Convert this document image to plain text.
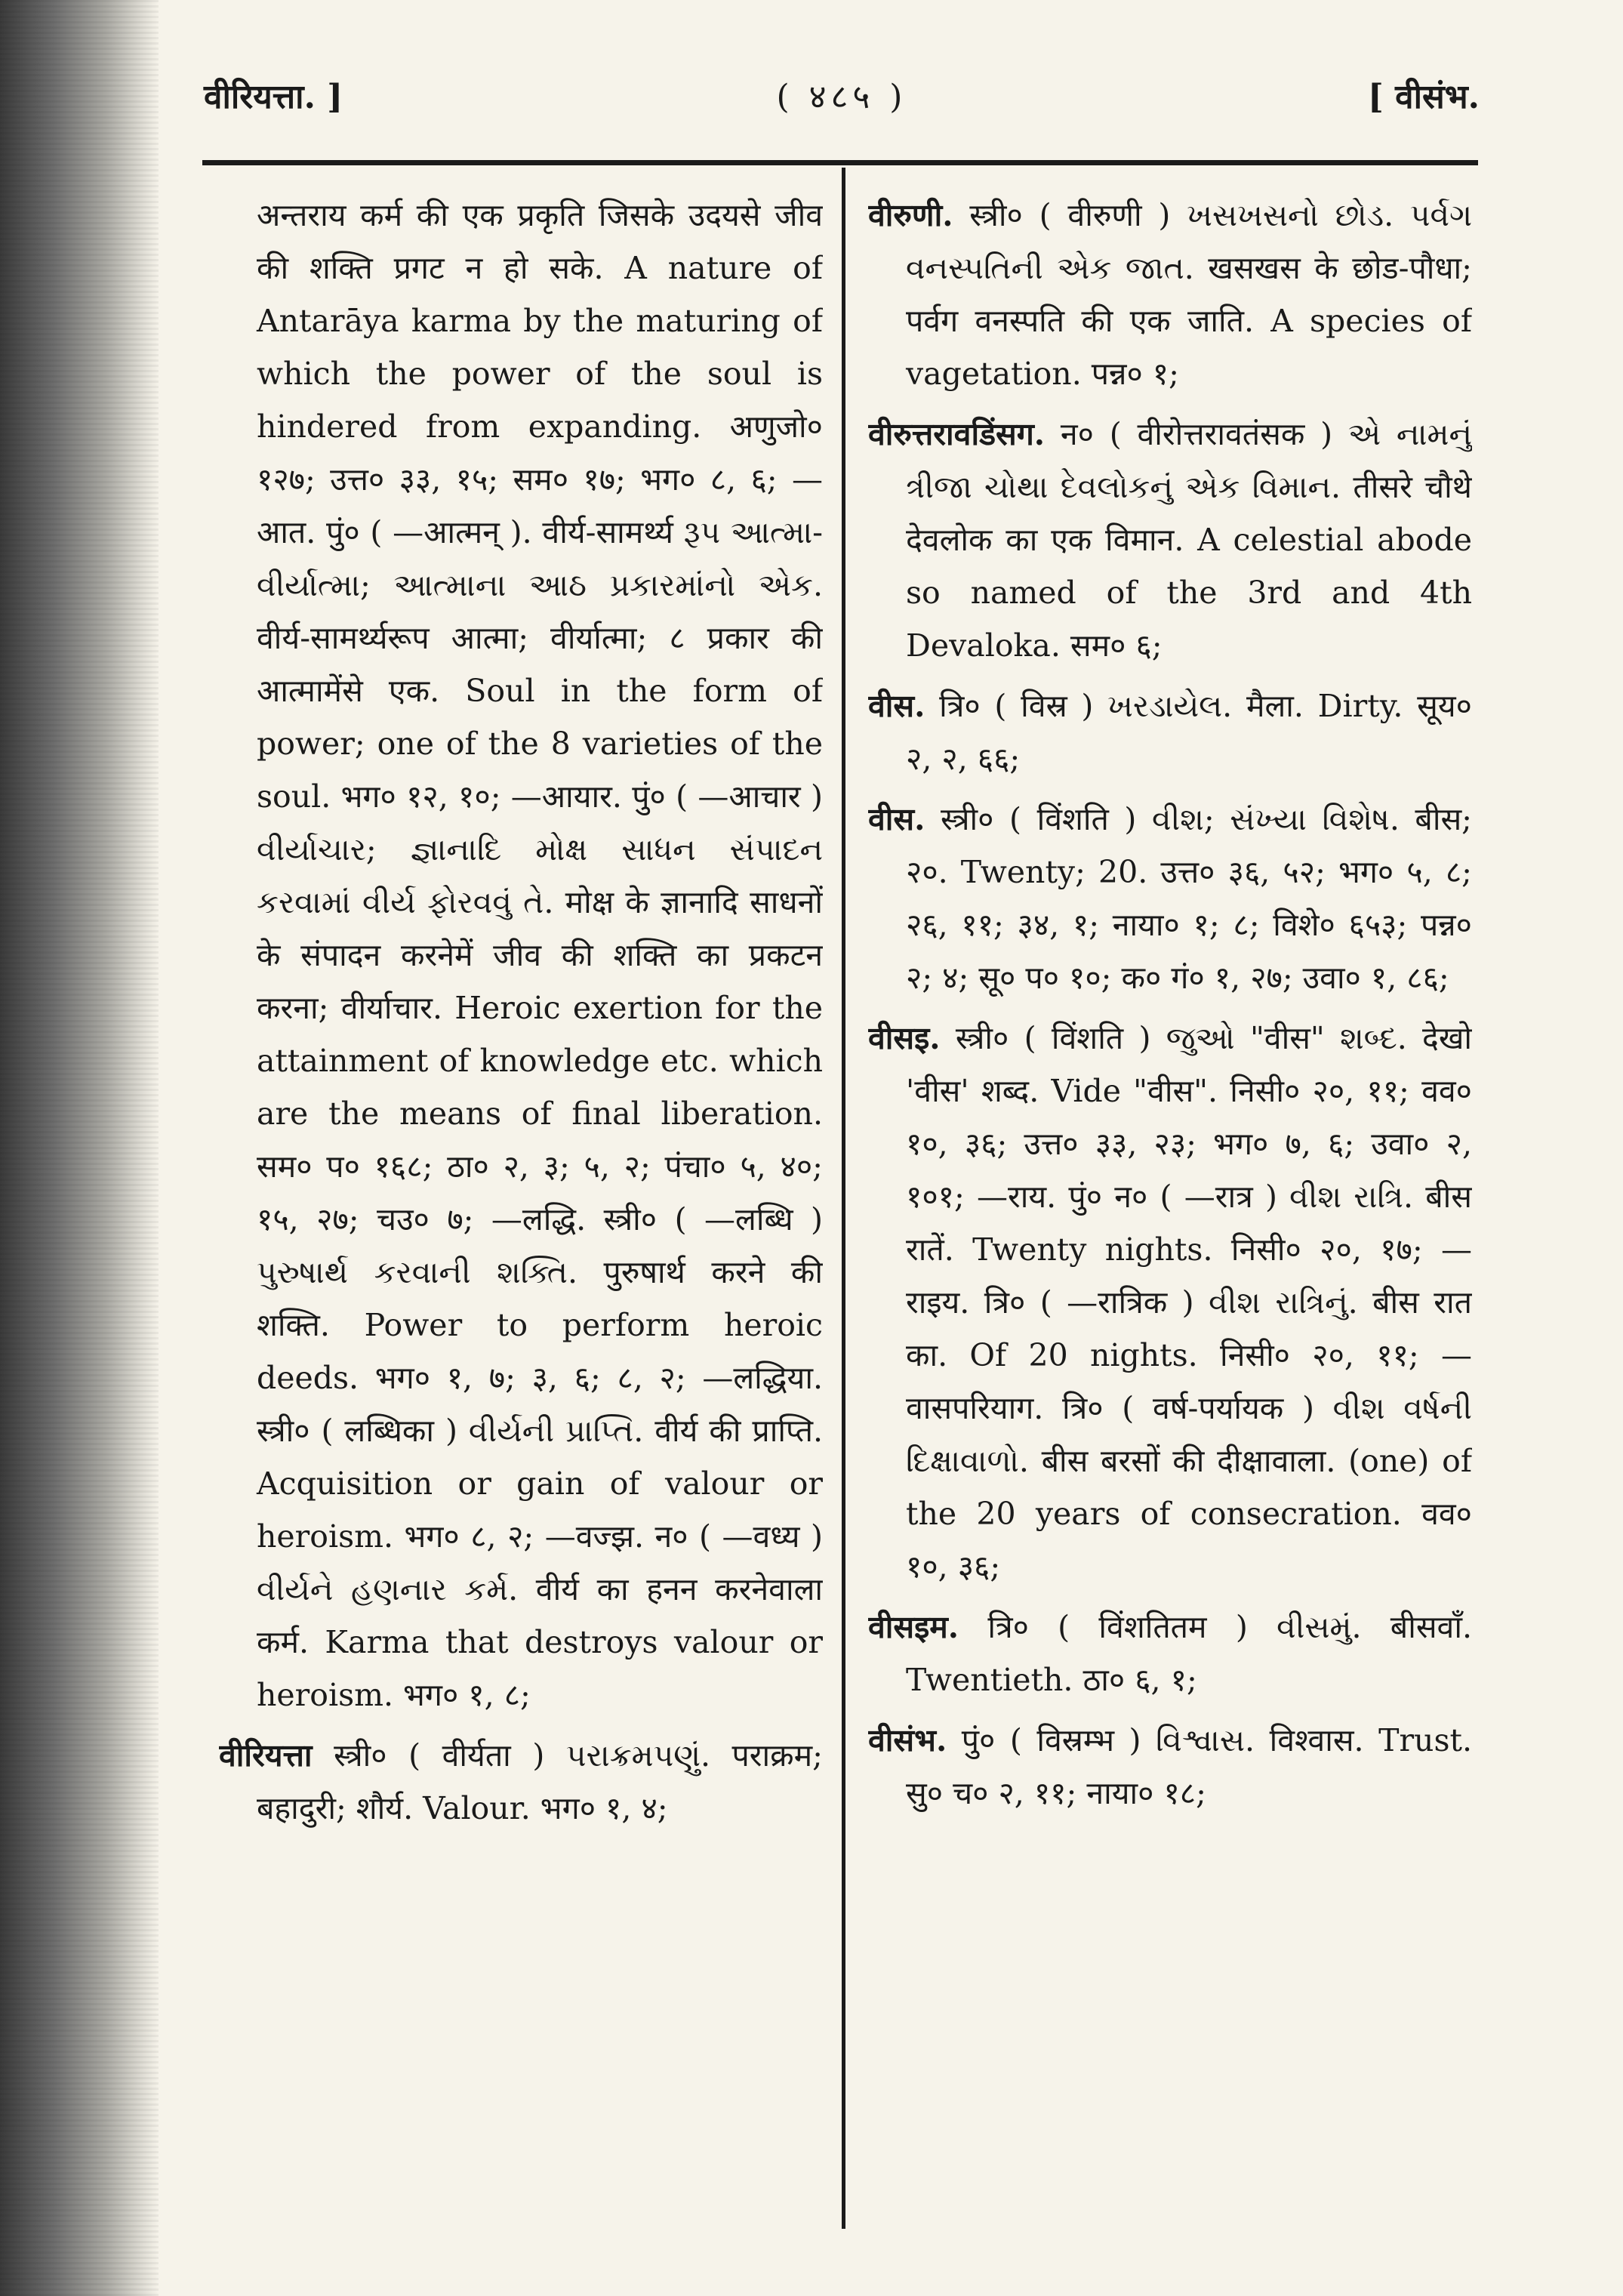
वीरियत्ता. ]	( ४८५ )	[ वीसंभ.

अन्तराय कर्म की एक प्रकृति जिसके उदयसे जीव की शक्ति प्रगट न हो सके. A nature of Antarāya karma by the maturing of which the power of the soul is hindered from expanding. अणुजो० १२७; उत्त० ३३, १५; सम० १७; भग० ८, ६; —आत. पुं० ( —आत्मन् ). वीर्य-सामर्थ्य રૂપ આત્મા-વીર્યાત્મા; આત્માના આઠ પ્રકારમાંનો એક. वीर्य-सामर्थ्यरूप आत्मा; वीर्यात्मा; ८ प्रकार की आत्मामेंसे एक. Soul in the form of power; one of the 8 varieties of the soul. भग० १२, १०; —आयार. पुं० ( —आचार ) વીર્યાચાર; જ્ઞાનાદિ મોક્ષ સાધન સંપાદન કરવામાં વીર્ય ફોરવવું તે. मोक्ष के ज्ञानादि साधनों के संपादन करनेमें जीव की शक्ति का प्रकटन करना; वीर्याचार. Heroic exertion for the attainment of knowledge etc. which are the means of final liberation. सम० प० १६८; ठा० २, ३; ५, २; पंचा० ५, ४०; १५, २७; चउ० ७; —लद्धि. स्त्री० ( —लब्धि ) પુરુષાર્થ કરવાની શક્તિ. पुरुषार्थ करने की शक्ति. Power to perform heroic deeds. भग० १, ७; ३, ६; ८, २; —लद्धिया. स्त्री० ( लब्धिका ) વીર્યની પ્રાપ્તિ. वीर्य की प्राप्ति. Acquisition or gain of valour or heroism. भग० ८, २; —वज्झ. न० ( —वध्य ) વીર્યને હણનાર કર્મ. वीर्य का हनन करनेवाला कर्म. Karma that destroys valour or heroism. भग० १, ८;

वीरियत्ता स्त्री० ( वीर्यता ) પરાક્રમપણું. पराक्रम; बहादुरी; शौर्य. Valour. भग० १, ४;

वीरुणी. स्त्री० ( वीरुणी ) ખસખસનો છોડ. પર્વગ વનસ્પતિની એક જાત. खसखस के छोड-पौधा; पर्वग वनस्पति की एक जाति. A species of vagetation. पन्न० १;

वीरुत्तरावडिंसग. न० ( वीरोत्तरावतंसक ) એ નામનું ત્રીજા ચોથા દેવલોકનું એક વિમાન. तीसरे चौथे देवलोक का एक विमान. A celestial abode so named of the 3rd and 4th Devaloka. सम० ६;

वीस. त्रि० ( विस्र ) ખરડાયેલ. मैला. Dirty. सूय० २, २, ६६;

वीस. स्त्री० ( विंशति ) વીશ; સંખ્યા વિશેષ. बीस; २०. Twenty; 20. उत्त० ३६, ५२; भग० ५, ८; २६, ११; ३४, १; नाया० १; ८; विशे० ६५३; पन्न० २; ४; सू० प० १०; क० गं० १, २७; उवा० १, ८६;

वीसइ. स्त्री० ( विंशति ) જુઓ "वीस" શબ્દ. देखो 'वीस' शब्द. Vide "वीस". निसी० २०, ११; वव० १०, ३६; उत्त० ३३, २३; भग० ७, ६; उवा० २, १०१; —राय. पुं० न० ( —रात्र ) વીશ રાત્રિ. बीस रातें. Twenty nights. निसी० २०, १७; —राइय. त्रि० ( —रात्रिक ) વીશ રાત્રિનું. बीस रात का. Of 20 nights. निसी० २०, ११; —वासपरियाग. त्रि० ( वर्ष-पर्यायक ) વીશ વર્ષની દિક્ષાવાળો. बीस बरसों की दीक्षावाला. (one) of the 20 years of consecration. वव० १०, ३६;

वीसइम. त्रि० ( विंशतितम ) વીસમું. बीसवाँ. Twentieth. ठा० ६, १;

वीसंभ. पुं० ( विस्रम्भ ) વિશ્વાસ. विश्वास. Trust. सु० च० २, ११; नाया० १८;
